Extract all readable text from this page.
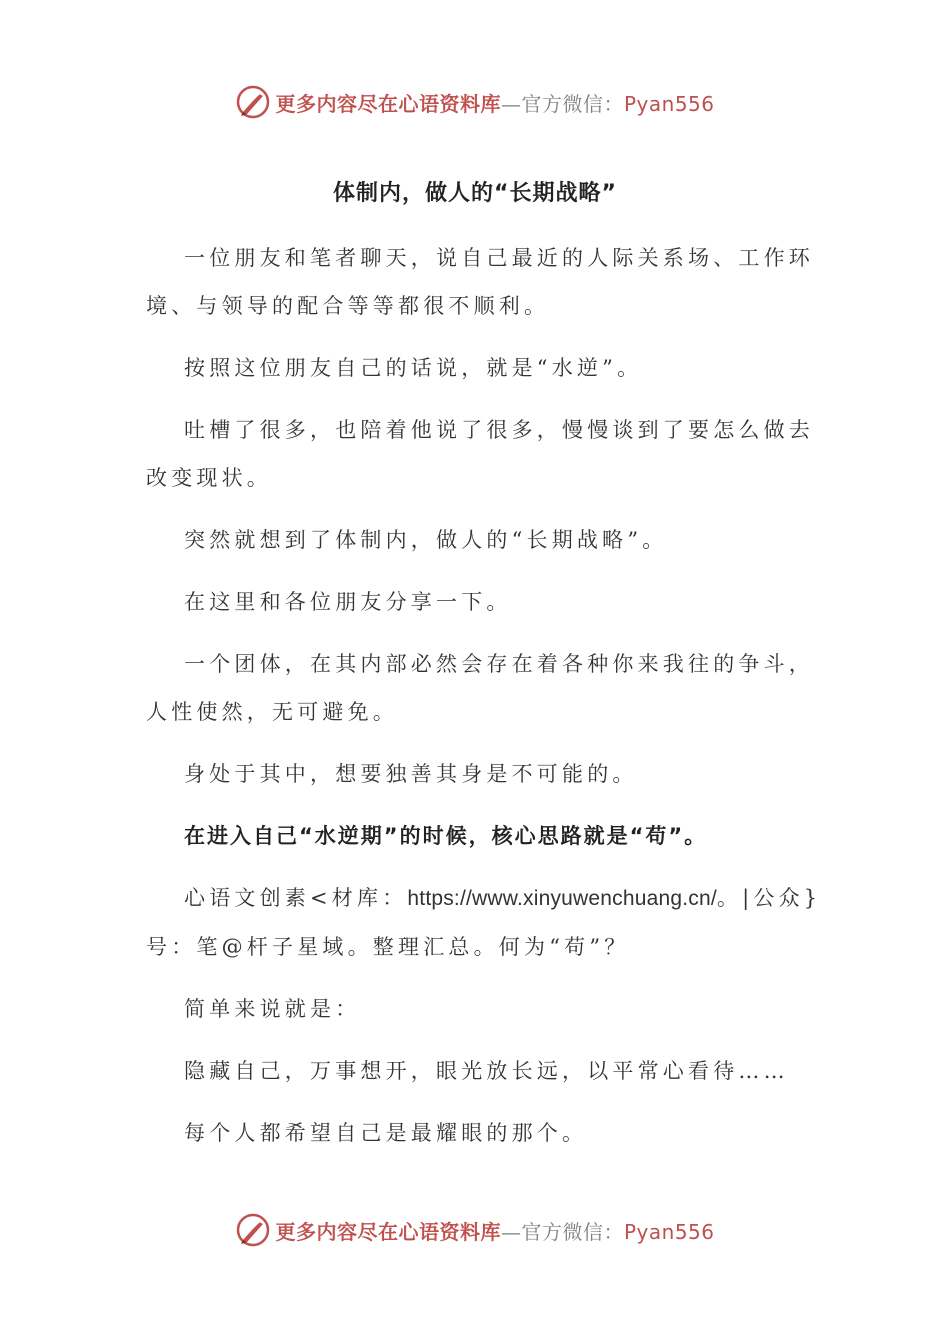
更多内容尽在心语资料库—官方微信：Pyan556
体制内，做人的“长期战略”

一位朋友和笔者聊天，说自己最近的人际关系场、工作环境、与领导的配合等等都很不顺利。

按照这位朋友自己的话说，就是“水逆”。

吐槽了很多，也陪着他说了很多，慢慢谈到了要怎么做去改变现状。

突然就想到了体制内，做人的“长期战略”。

在这里和各位朋友分享一下。

一个团体，在其内部必然会存在着各种你来我往的争斗，人性使然，无可避免。

身处于其中，想要独善其身是不可能的。

在进入自己“水逆期”的时候，核心思路就是“苟”。

心语文创素<材库：https://www.xinyuwenchuang.cn/。|公众}号：笔@杆子星域。整理汇总。何为“苟”？

简单来说就是：

隐藏自己，万事想开，眼光放长远，以平常心看待……

每个人都希望自己是最耀眼的那个。

更多内容尽在心语资料库—官方微信：Pyan556
